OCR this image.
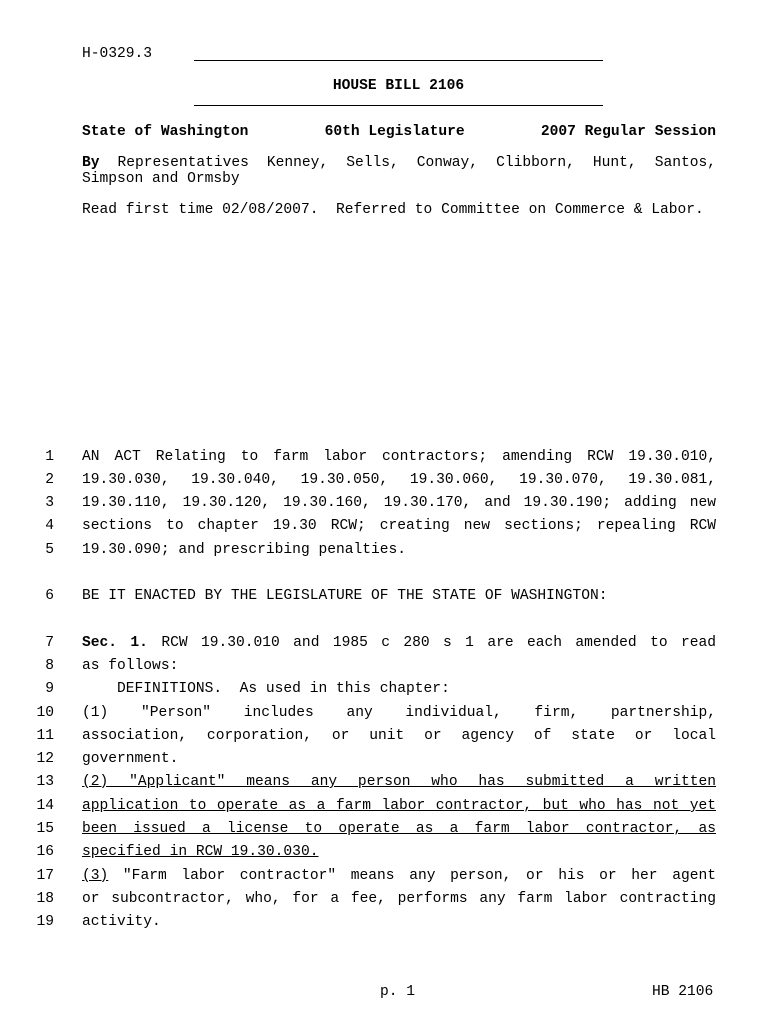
H-0329.3
HOUSE BILL 2106
State of Washington	60th Legislature	2007 Regular Session
By Representatives Kenney, Sells, Conway, Clibborn, Hunt, Santos,
Simpson and Ormsby
Read first time 02/08/2007.  Referred to Committee on Commerce & Labor.
1 AN ACT Relating to farm labor contractors; amending RCW 19.30.010,
2 19.30.030, 19.30.040, 19.30.050, 19.30.060, 19.30.070, 19.30.081,
3 19.30.110, 19.30.120, 19.30.160, 19.30.170, and 19.30.190; adding new
4 sections to chapter 19.30 RCW; creating new sections; repealing RCW
5 19.30.090; and prescribing penalties.
6 BE IT ENACTED BY THE LEGISLATURE OF THE STATE OF WASHINGTON:
7 Sec. 1. RCW 19.30.010 and 1985 c 280 s 1 are each amended to read
8 as follows:
9 DEFINITIONS.  As used in this chapter:
10 (1) "Person" includes any individual, firm, partnership,
11 association, corporation, or unit or agency of state or local
12 government.
13 (2) "Applicant" means any person who has submitted a written
14 application to operate as a farm labor contractor, but who has not yet
15 been issued a license to operate as a farm labor contractor, as
16 specified in RCW 19.30.030.
17 (3) "Farm labor contractor" means any person, or his or her agent
18 or subcontractor, who, for a fee, performs any farm labor contracting
19 activity.
p. 1	HB 2106
